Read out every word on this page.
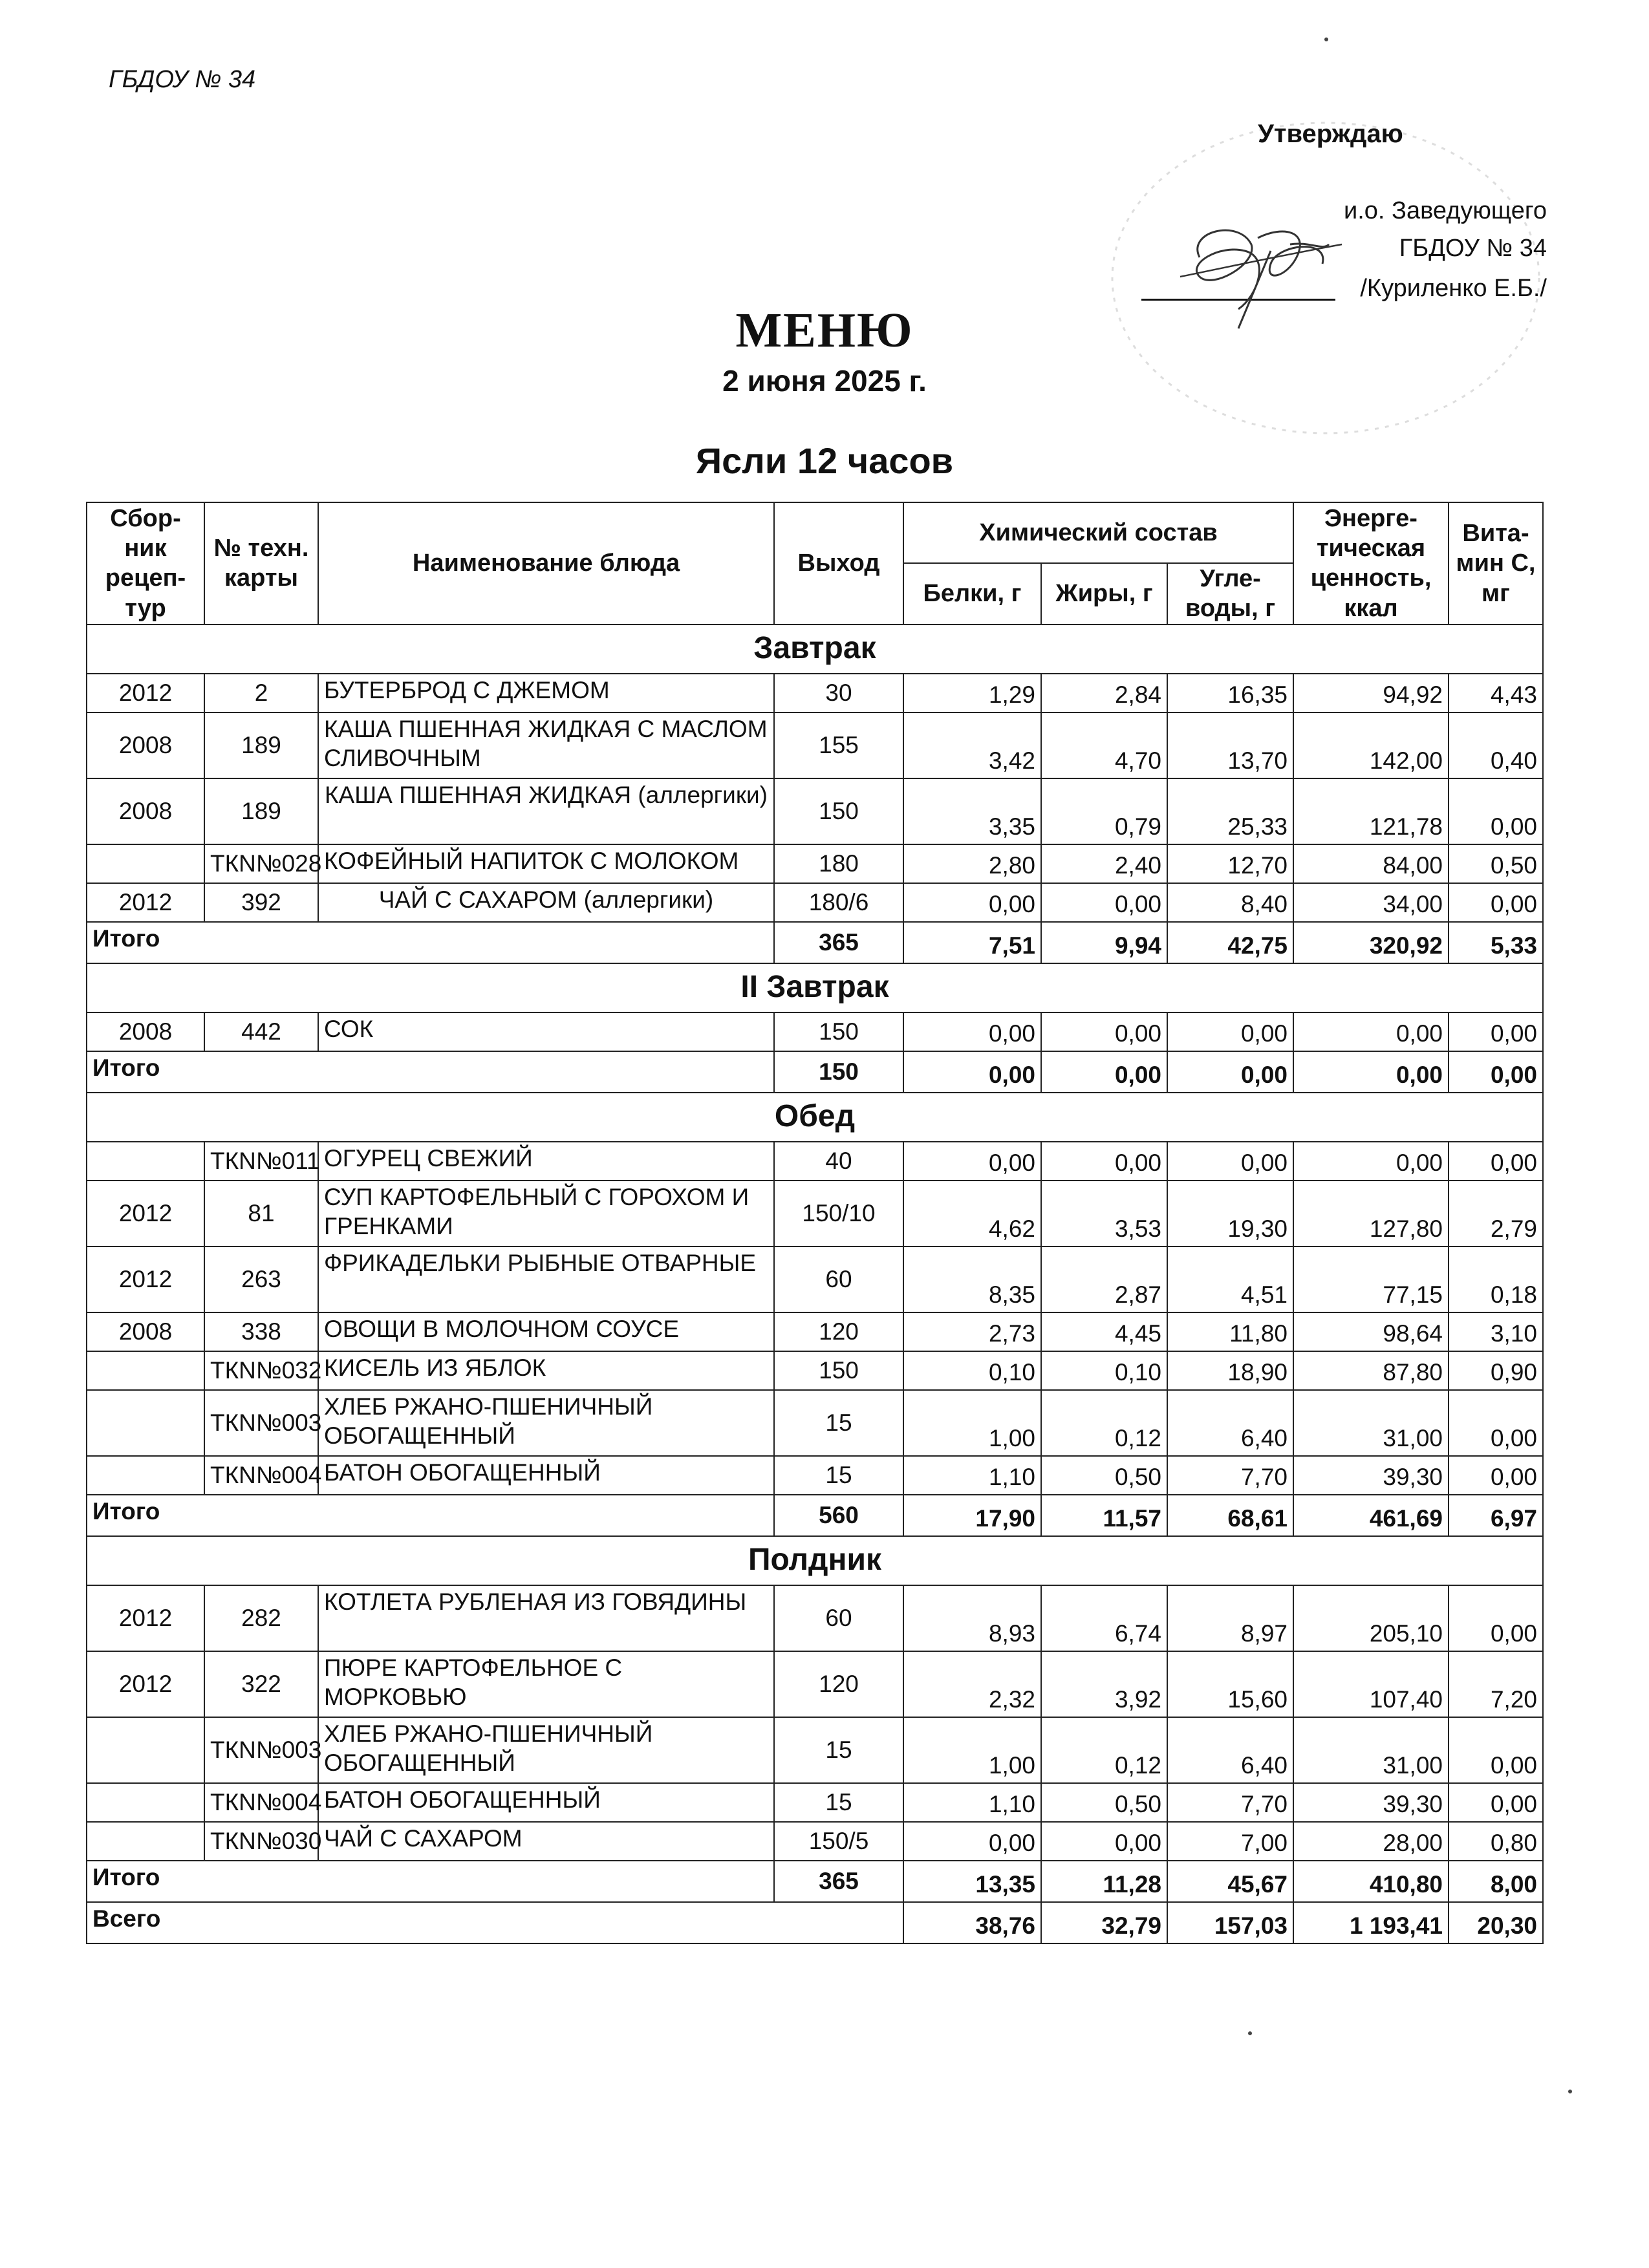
ГБДОУ № 34
Утверждаю
и.о. Заведующего
ГБДОУ № 34
/Куриленко Е.Б./
МЕНЮ
2 июня 2025 г.
Ясли 12 часов
Сбор-ник рецеп-тур	№ техн. карты	Наименование блюда	Выход	Химический состав			Энерге-тическая ценность, ккал	Вита-мин С, мг
				Белки, г	Жиры, г	Угле-воды, г		
Завтрак								
2012	2	БУТЕРБРОД С ДЖЕМОМ	30	1,29	2,84	16,35	94,92	4,43
2008	189	КАША ПШЕННАЯ ЖИДКАЯ С МАСЛОМ СЛИВОЧНЫМ	155	3,42	4,70	13,70	142,00	0,40
2008	189	КАША ПШЕННАЯ ЖИДКАЯ (аллергики)	150	3,35	0,79	25,33	121,78	0,00
	ТКN№028	КОФЕЙНЫЙ НАПИТОК С МОЛОКОМ	180	2,80	2,40	12,70	84,00	0,50
2012	392	ЧАЙ С САХАРОМ (аллергики)	180/6	0,00	0,00	8,40	34,00	0,00
Итого			365	7,51	9,94	42,75	320,92	5,33
II Завтрак								
2008	442	СОК	150	0,00	0,00	0,00	0,00	0,00
Итого			150	0,00	0,00	0,00	0,00	0,00
Обед								
	ТКN№011	ОГУРЕЦ СВЕЖИЙ	40	0,00	0,00	0,00	0,00	0,00
2012	81	СУП КАРТОФЕЛЬНЫЙ С ГОРОХОМ И ГРЕНКАМИ	150/10	4,62	3,53	19,30	127,80	2,79
2012	263	ФРИКАДЕЛЬКИ РЫБНЫЕ ОТВАРНЫЕ	60	8,35	2,87	4,51	77,15	0,18
2008	338	ОВОЩИ В МОЛОЧНОМ СОУСЕ	120	2,73	4,45	11,80	98,64	3,10
	ТКN№032	КИСЕЛЬ ИЗ ЯБЛОК	150	0,10	0,10	18,90	87,80	0,90
	ТКN№003	ХЛЕБ РЖАНО-ПШЕНИЧНЫЙ ОБОГАЩЕННЫЙ	15	1,00	0,12	6,40	31,00	0,00
	ТКN№004	БАТОН ОБОГАЩЕННЫЙ	15	1,10	0,50	7,70	39,30	0,00
Итого			560	17,90	11,57	68,61	461,69	6,97
Полдник								
2012	282	КОТЛЕТА РУБЛЕНАЯ ИЗ ГОВЯДИНЫ	60	8,93	6,74	8,97	205,10	0,00
2012	322	ПЮРЕ КАРТОФЕЛЬНОЕ С МОРКОВЬЮ	120	2,32	3,92	15,60	107,40	7,20
	ТКN№003	ХЛЕБ РЖАНО-ПШЕНИЧНЫЙ ОБОГАЩЕННЫЙ	15	1,00	0,12	6,40	31,00	0,00
	ТКN№004	БАТОН ОБОГАЩЕННЫЙ	15	1,10	0,50	7,70	39,30	0,00
	ТКN№030	ЧАЙ С САХАРОМ	150/5	0,00	0,00	7,00	28,00	0,80
Итого			365	13,35	11,28	45,67	410,80	8,00
Всего				38,76	32,79	157,03	1 193,41	20,30
